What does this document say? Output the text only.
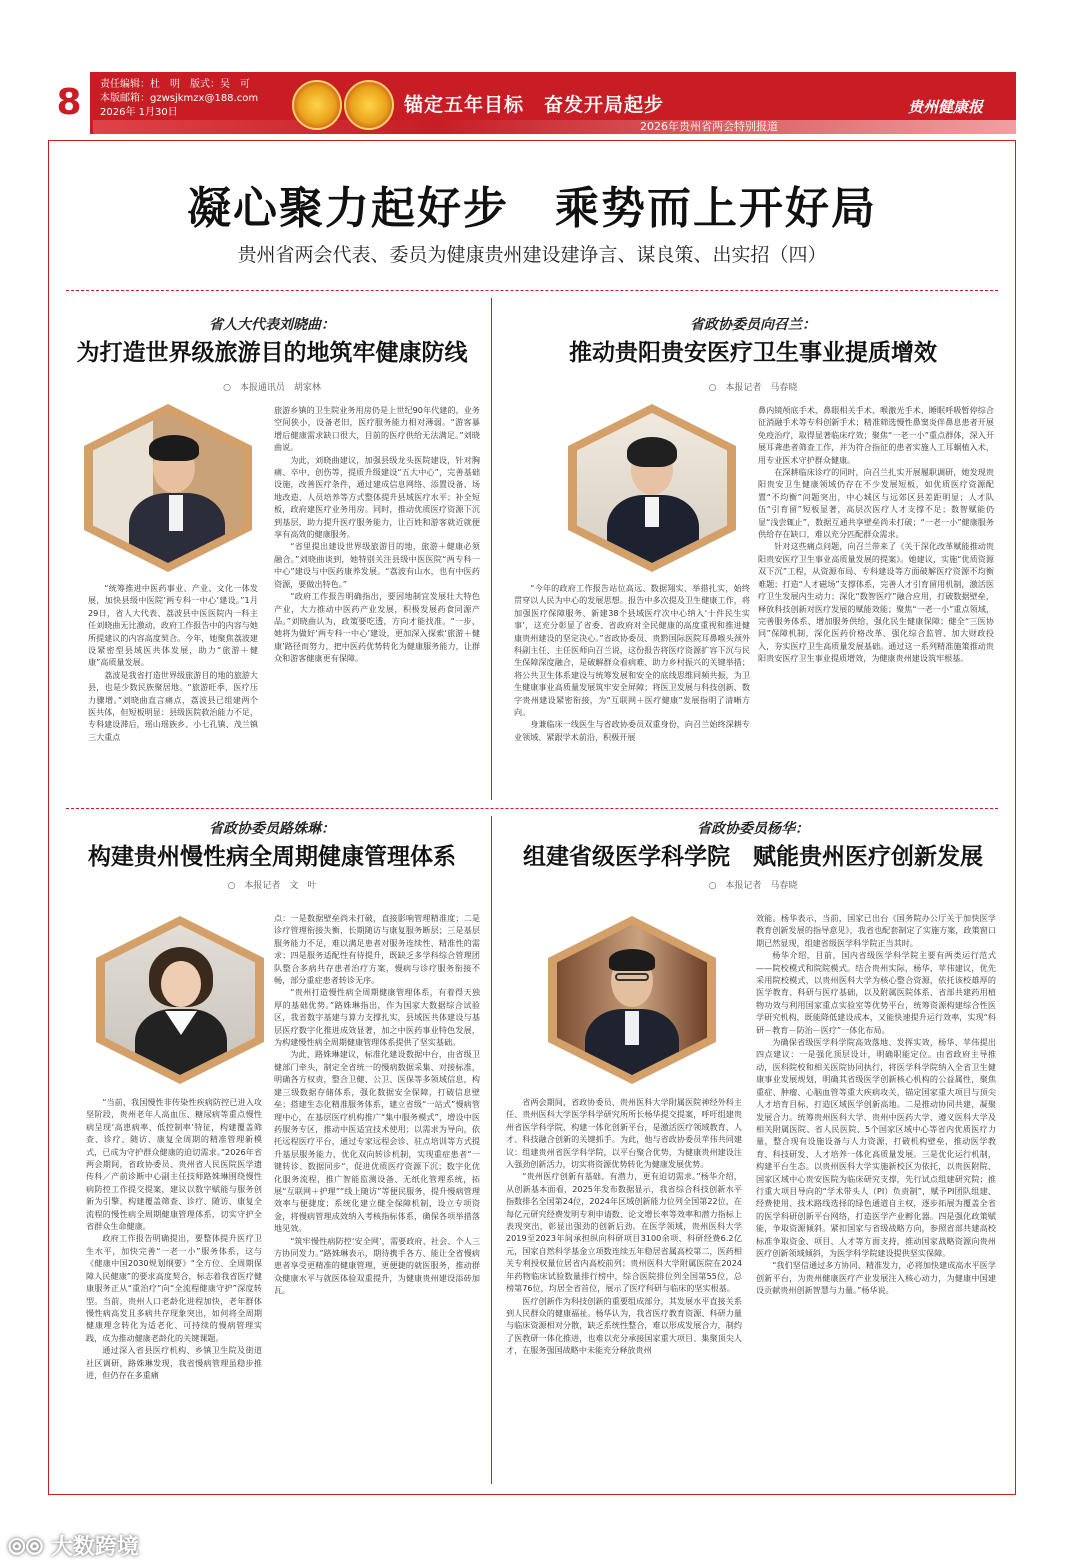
8	责任编辑：杜　明　版式：吴　可
本版邮箱：gzwsjkmzx@188.com
2026年 1月30日	锚定五年目标　奋发开局起步
2026年贵州省两会特别报道
贵州健康报
凝心聚力起好步　乘势而上开好局
贵州省两会代表、委员为健康贵州建设建诤言、谋良策、出实招（四）
省人大代表刘晓曲：
为打造世界级旅游目的地筑牢健康防线
○　本报通讯员　胡家林

“统筹推进中医药事业、产业、文化一体发展，加快县级中医院‘两专科一中心’建设。”1月29日，省人大代表、荔波县中医医院内一科主任刘晓曲无比激动，政府工作报告中的内容与她所提建议的内容高度契合。今年，她聚焦荔波建设紧密型县域医共体发展，助力“旅游＋健康”高质量发展。

荔波是我省打造世界级旅游目的地的旅游大县，也是少数民族聚居地。“旅游旺季，医疗压力骤增。”刘晓曲直言痛点，荔波县已组建两个医共体，但短板明显：县级医院救治能力不足，专科建设滞后，瑶山瑶族乡、小七孔镇、茂兰镇三大重点

旅游乡镇的卫生院业务用房仍是上世纪90年代建的，业务空间狭小，设备老旧，医疗服务能力相对薄弱。“游客暴增后健康需求缺口很大，目前的医疗供给无法满足。”刘晓曲说。

为此，刘晓曲建议，加强县级龙头医院建设，针对胸痛、卒中、创伤等，提质升级建设“五大中心”，完善基础设施，改善医疗条件，通过建成信息网络、添置设备、场地改造、人员培养等方式整体提升县域医疗水平；补全短板，政府建医疗业务用房。同时，推动优质医疗资源下沉到基层，助力提升医疗服务能力，让百姓和游客就近就便享有高效的健康服务。

“省里提出建设世界级旅游目的地，旅游＋健康必须融合。”刘晓曲谈到，她特别关注县级中医医院“两专科一中心”建设与中医药康养发展。“荔波有山水，也有中医药资源，要做出特色。”

“政府工作报告明确指出，要因地制宜发展壮大特色产业，大力推动中医药产业发展，积极发展药食同源产品。”刘晓曲认为，政策要吃透，方向才能找准。“一步，她将为做好‘两专科一中心’建设，更加深入探索‘旅游＋健康’路径而努力，把中医药优势转化为健康服务能力，让群众和游客健康更有保障。

省政协委员向召兰：
推动贵阳贵安医疗卫生事业提质增效
○　本报记者　马春晓

“今年的政府工作报告站位高远、数据翔实、举措扎实，始终贯穿以人民为中心的发展思想。报告中多次提及卫生健康工作，将加强医疗保障服务、新建38个县域医疗次中心纳入‘十件民生实事’，这充分彰显了省委、省政府对全民健康的高度重视和推进健康贵州建设的坚定决心。”省政协委员、贵黔国际医院耳鼻喉头颈外科副主任、主任医师向召兰说，这份报告将医疗资源扩容下沉与民生保障深度融合，是破解群众看病难、助力乡村振兴的关键举措；将公共卫生体系建设与统筹发展和安全的底线思维同频共振，为卫生健康事业高质量发展筑牢安全屏障；将医卫发展与科技创新、数字贵州建设紧密衔接，为“互联网＋医疗健康”发展指明了清晰方向。

身兼临床一线医生与省政协委员双重身份，向召兰始终深耕专业领域、紧跟学术前沿，积极开展

鼻内镜颅底手术、鼻眼相关手术、喉激光手术、睡眠呼吸暂停综合征消融手术等专科创新手术；精准筛选慢性鼻窦炎伴鼻息患者开展免疫治疗，取得显著临床疗效；聚焦“一老一小”重点群体，深入开展耳聋患者筛查工作，并为符合指征的患者实施人工耳蜗植入术，用专业医术守护群众健康。

在深耕临床诊疗的同时，向召兰扎实开展履职调研，她发现贵阳贵安卫生健康领域仍存在不少发展短板，如优质医疗资源配置“不均衡”问题突出，中心城区与远郊区县差距明显；人才队伍“引育留”短板显著，高层次医疗人才支撑不足；数智赋能仍显“浅尝辄止”，数据互通共享壁垒尚未打破；“一老一小”健康服务供给存在缺口，难以充分匹配群众需求。

针对这些痛点问题，向召兰带来了《关于深化改革赋能推动贵阳贵安医疗卫生事业高质量发展的提案》。她建议，实施“优质资源双下沉”工程，从资源布局、专科建设等方面破解医疗资源不均衡难题；打造“人才磁场”支撑体系，完善人才引育留用机制，激活医疗卫生发展内生动力；深化“数智医疗”融合应用，打破数据壁垒，释放科技创新对医疗发展的赋能效能；聚焦“一老一小”重点领域，完善服务体系、增加服务供给，强化民生健康保障；健全“三医协同”保障机制，深化医药价格改革、强化综合监管、加大财政投入，夯实医疗卫生高质量发展基础。通过这一系列精准施策推动贵阳贵安医疗卫生事业提质增效，为健康贵州建设筑牢根基。

省政协委员路姝琳：
构建贵州慢性病全周期健康管理体系
○　本报记者　文　叶

“当前，我国慢性非传染性疾病防控已进入攻坚阶段，贵州老年人高血压、糖尿病等重点慢性病呈现‘高患病率、低控制率’特征，构建覆盖筛查、诊疗、随访、康复全周期的精准管理新模式，已成为守护群众健康的迫切需求。”2026年省两会期间，省政协委员、贵州省人民医院医学遗传科／产前诊断中心副主任技师路姝琳围绕慢性病防控工作提交提案，建议以数字赋能与服务创新为引擎，构建覆盖筛查、诊疗、随访、康复全流程的慢性病全周期健康管理体系，切实守护全省群众生命健康。

政府工作报告明确提出，要整体提升医疗卫生水平，加快完善“一老一小”服务体系，这与《健康中国2030规划纲要》“全方位、全周期保障人民健康”的要求高度契合，标志着我省医疗健康服务正从“重治疗”向“全流程健康守护”深度转型。当前，贵州人口老龄化进程加快，老年群体慢性病高发且多病共存现象突出，如何将全周期健康理念转化为适老化、可持续的慢病管理实践，成为推动健康老龄化的关键课题。

通过深入省县医疗机构、乡镇卫生院及街道社区调研，路姝琳发现，我省慢病管理虽稳步推进，但仍存在多重痛

点：一是数据壁垒尚未打破，直接影响管理精准度；二是诊疗管理衔接失衡，长期随访与康复服务断层；三是基层服务能力不足，难以满足患者对服务连续性、精准性的需求；四是服务适配性有待提升，既缺乏多学科综合管理团队整合多病共存患者治疗方案，慢病与诊疗服务衔接不畅，部分重症患者转诊无序。

“贵州打造慢性病全周期健康管理体系，有着得天独厚的基础优势。”路姝琳指出，作为国家大数据综合试验区，我省数字基建与算力支撑扎实，县域医共体建设与基层医疗数字化推进成效显著，加之中医药事业特色发展，为构建慢性病全周期健康管理体系提供了坚实基础。

为此，路姝琳建议，标准化建设数据中台，由省级卫健部门牵头，制定全省统一的慢病数据采集、对接标准，明确各方权责，整合卫健、公卫、医保等多领域信息，构建三级数据存储体系，强化数据安全保障，打破信息壁垒；搭建生态化精准服务体系，建立省级“一站式”慢病管理中心，在基层医疗机构推广“集中服务模式”，增设中医药服务专区，推动中医适宜技术使用；以需求为导向，依托远程医疗平台，通过专家远程会诊、驻点培训等方式提升基层服务能力，优化双向转诊机制，实现重症患者“一键转诊、数据同步”，促进优质医疗资源下沉；数字化优化服务流程，推广智能监测设备、无纸化管理系统，拓展“互联网＋护理”“线上随访”等便民服务，提升慢病管理效率与便捷度；系统化建立健全保障机制，设立专项资金，将慢病管理成效纳入考核指标体系，确保各项举措落地见效。

“筑牢慢性病防控‘安全网’，需要政府、社会、个人三方协同发力。”路姝琳表示，期待携手各方、能让全省慢病患者享受更精准的健康管理，更便捷的就医服务，推动群众健康水平与就医体验双重提升，为健康贵州建设添砖加瓦。

省政协委员杨华：
组建省级医学科学院　赋能贵州医疗创新发展
○　本报记者　马春晓

省两会期间，省政协委员、贵州医科大学附属医院神经外科主任、贵州医科大学医学科学研究所所长杨华提交提案，呼吁组建贵州省医学科学院，构建一体化创新平台，是激活医疗领域教育、人才、科技融合创新的关键抓手。为此，他与省政协委员苹伟共同建议：组建贵州省医学科学院，以平台聚合优势，为健康贵州建设注入强劲创新活力，切实将资源优势转化为健康发展优势。

“贵州医疗创新有基础、有潜力，更有迫切需求。”杨华介绍，从创新基本面看，2025年发布数据显示，我省综合科技创新水平指数排名全国第24位，2024年区域创新能力位列全国第22位，在每亿元研究经费发明专利申请数、论文增长率等效率和潜力指标上表现突出，彰显出强劲的创新后劲。在医学领域，贵州医科大学2019至2023年间承担纵向科研项目3100余项、科研经费6.2亿元，国家自然科学基金立项数连续五年稳居省属高校第二，医药相关专利授权量位居省内高校前列；贵州医科大学附属医院在2024年药物临床试验数量排行榜中，综合医院排位列全国第55位，总榜第76位，均居全省首位，展示了医疗科研与临床的坚实根基。

医疗创新作为科技创新的重要组成部分，其发展水平直接关系到人民群众的健康福祉。杨华认为，我省医疗教育资源、科研力量与临床资源相对分散，缺乏系统性整合，难以形成发展合力，制约了医教研一体化推进，也难以充分承接国家重大项目、集聚顶尖人才，在服务强国战略中未能充分释放贵州

效能。杨华表示，当前，国家已出台《国务院办公厅关于加快医学教育创新发展的指导意见》，我省也配套制定了实施方案，政策窗口期已然显现，组建省级医学科学院正当其时。

杨华介绍，目前，国内省级医学科学院主要有两类运行范式——院校模式和院院模式。结合贵州实际，杨华、苹伟建议，优先采用院校模式，以贵州医科大学为核心整合资源，依托该校雄厚的医学教育、科研与医疗基础，以及附属医院体系、省部共建药用植物功效与利用国家重点实验室等优势平台，统筹资源构建综合性医学研究机构，既能降低建设成本，又能快速提升运行效率，实现“科研－教育－防治－医疗”一体化布局。

为确保省级医学科学院高效落地、发挥实效，杨华、苹伟提出四点建议：一是强化顶层设计，明确职能定位。由省政府主导推动，医科院校和相关医院协同执行，将医学科学院纳入全省卫生健康事业发展规划，明确其省级医学创新核心机构的公益属性，聚焦重症、肿瘤、心脑血管等重大疾病攻关，锚定国家重大项目与顶尖人才培育目标，打造区域医学创新高地。二是推动协同共建，凝聚发展合力。统筹贵州医科大学、贵州中医药大学、遵义医科大学及相关附属医院、省人民医院、5个国家区域中心等省内优质医疗力量，整合现有设施设备与人力资源，打破机构壁垒，推动医学教育、科技研发、人才培养一体化高质量发展。三是优化运行机制，构建平台生态。以贵州医科大学实施新校区为依托，以贵医附院、国家区域中心贵安医院为临床研究支撑，先行试点组建研究院；推行重大项目导向的“学术带头人（PI）负责制”，赋予PI团队组建、经费使用、技术路线选择的绿色通道自主权，逐步拓展为覆盖全省的医学科研创新平台网络，打造医学产业孵化器。四是强化政策赋能，争取资源倾斜。紧扣国家与省级战略方向，参照省部共建高校标准争取资金、项目、人才等方面支持，推动国家战略资源向贵州医疗创新领域倾斜，为医学科学院建设提供坚实保障。

“我们坚信通过多方协同、精准发力，必将加快建成高水平医学创新平台，为贵州健康医疗产业发展注入核心动力，为健康中国建设贡献贵州创新智慧与力量。”杨华说。

⦾⦾ 大数跨境
